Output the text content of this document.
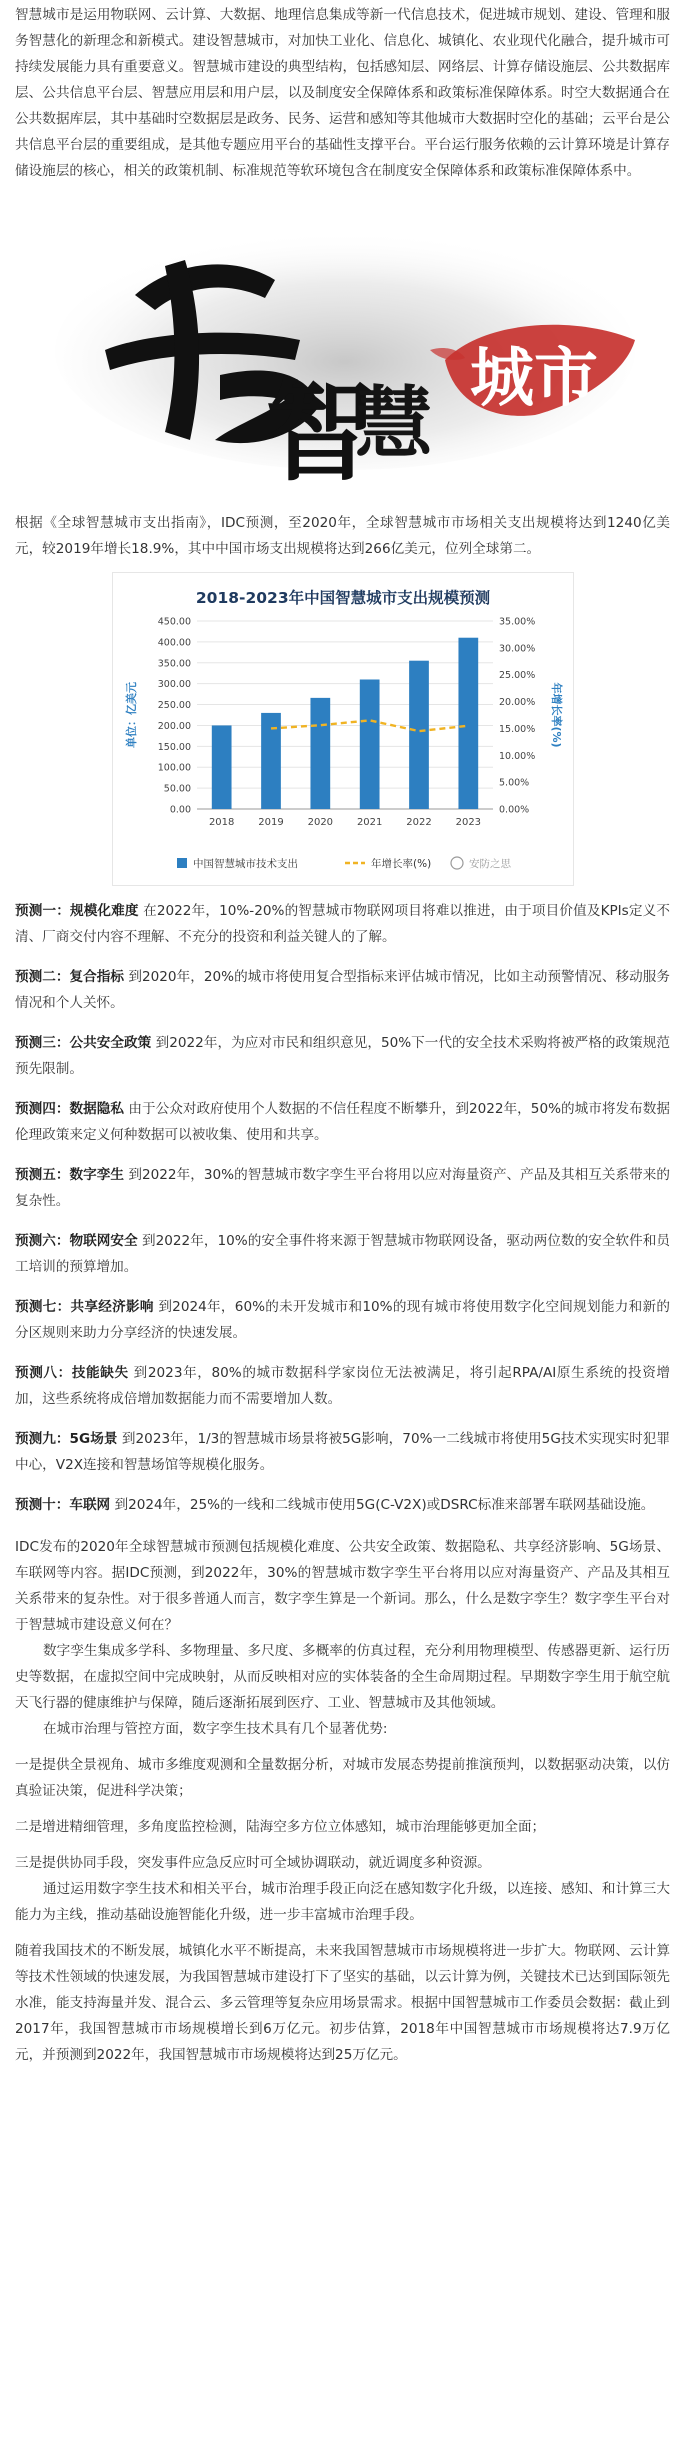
智慧城市是运用物联网、云计算、大数据、地理信息集成等新一代信息技术，促进城市规划、建设、管理和服务智慧化的新理念和新模式。建设智慧城市，对加快工业化、信息化、城镇化、农业现代化融合，提升城市可持续发展能力具有重要意义。智慧城市建设的典型结构，包括感知层、网络层、计算存储设施层、公共数据库层、公共信息平台层、智慧应用层和用户层，以及制度安全保障体系和政策标准保障体系。时空大数据通合在公共数据库层，其中基础时空数据层是政务、民务、运营和感知等其他城市大数据时空化的基础；云平台是公共信息平台层的重要组成，是其他专题应用平台的基础性支撑平台。平台运行服务依赖的云计算环境是计算存储设施层的核心，相关的政策机制、标准规范等软环境包含在制度安全保障体系和政策标准保障体系中。

智
慧 城市

根据《全球智慧城市支出指南》，IDC预测，至2020年，全球智慧城市市场相关支出规模将达到1240亿美元，较2019年增长18.9%，其中中国市场支出规模将达到266亿美元，位列全球第二。

2018-2023年中国智慧城市支出规模预测
0.00
50.00
100.00
150.00
200.00
250.00
300.00
350.00
400.00
450.00
0.00%
5.00%
10.00%
15.00%
20.00%
25.00%
30.00%
35.00%
2018 2019 2020 2021 2022 2023
单位：亿美元	年增长率(%)
中国智慧城市技术支出	年增长率(%)	安防之思

预测一：规模化难度 在2022年，10%-20%的智慧城市物联网项目将难以推进，由于项目价值及KPIs定义不清、厂商交付内容不理解、不充分的投资和利益关键人的了解。

预测二：复合指标 到2020年，20%的城市将使用复合型指标来评估城市情况，比如主动预警情况、移动服务情况和个人关怀。

预测三：公共安全政策 到2022年，为应对市民和组织意见，50%下一代的安全技术采购将被严格的政策规范预先限制。

预测四：数据隐私 由于公众对政府使用个人数据的不信任程度不断攀升，到2022年，50%的城市将发布数据伦理政策来定义何种数据可以被收集、使用和共享。

预测五：数字孪生 到2022年，30%的智慧城市数字孪生平台将用以应对海量资产、产品及其相互关系带来的复杂性。

预测六：物联网安全 到2022年，10%的安全事件将来源于智慧城市物联网设备，驱动两位数的安全软件和员工培训的预算增加。

预测七：共享经济影响 到2024年，60%的未开发城市和10%的现有城市将使用数字化空间规划能力和新的分区规则来助力分享经济的快速发展。

预测八：技能缺失 到2023年，80%的城市数据科学家岗位无法被满足，将引起RPA/AI原生系统的投资增加，这些系统将成倍增加数据能力而不需要增加人数。

预测九：5G场景 到2023年，1/3的智慧城市场景将被5G影响，70%一二线城市将使用5G技术实现实时犯罪中心，V2X连接和智慧场馆等规模化服务。

预测十：车联网 到2024年，25%的一线和二线城市使用5G(C-V2X)或DSRC标准来部署车联网基础设施。

IDC发布的2020年全球智慧城市预测包括规模化难度、公共安全政策、数据隐私、共享经济影响、5G场景、车联网等内容。据IDC预测，到2022年，30%的智慧城市数字孪生平台将用以应对海量资产、产品及其相互关系带来的复杂性。对于很多普通人而言，数字孪生算是一个新词。那么，什么是数字孪生？数字孪生平台对于智慧城市建设意义何在？

数字孪生集成多学科、多物理量、多尺度、多概率的仿真过程，充分利用物理模型、传感器更新、运行历史等数据，在虚拟空间中完成映射，从而反映相对应的实体装备的全生命周期过程。早期数字孪生用于航空航天飞行器的健康维护与保障，随后逐渐拓展到医疗、工业、智慧城市及其他领域。

在城市治理与管控方面，数字孪生技术具有几个显著优势:

一是提供全景视角、城市多维度观测和全量数据分析，对城市发展态势提前推演预判，以数据驱动决策，以仿真验证决策，促进科学决策；

二是增进精细管理，多角度监控检测，陆海空多方位立体感知，城市治理能够更加全面；

三是提供协同手段，突发事件应急反应时可全域协调联动，就近调度多种资源。

通过运用数字孪生技术和相关平台，城市治理手段正向泛在感知数字化升级，以连接、感知、和计算三大能力为主线，推动基础设施智能化升级，进一步丰富城市治理手段。

随着我国技术的不断发展，城镇化水平不断提高，未来我国智慧城市市场规模将进一步扩大。物联网、云计算等技术性领域的快速发展，为我国智慧城市建设打下了坚实的基础，以云计算为例，关键技术已达到国际领先水准，能支持海量并发、混合云、多云管理等复杂应用场景需求。根据中国智慧城市工作委员会数据：截止到2017年，我国智慧城市市场规模增长到6万亿元。初步估算，2018年中国智慧城市市场规模将达7.9万亿元，并预测到2022年，我国智慧城市市场规模将达到25万亿元。
